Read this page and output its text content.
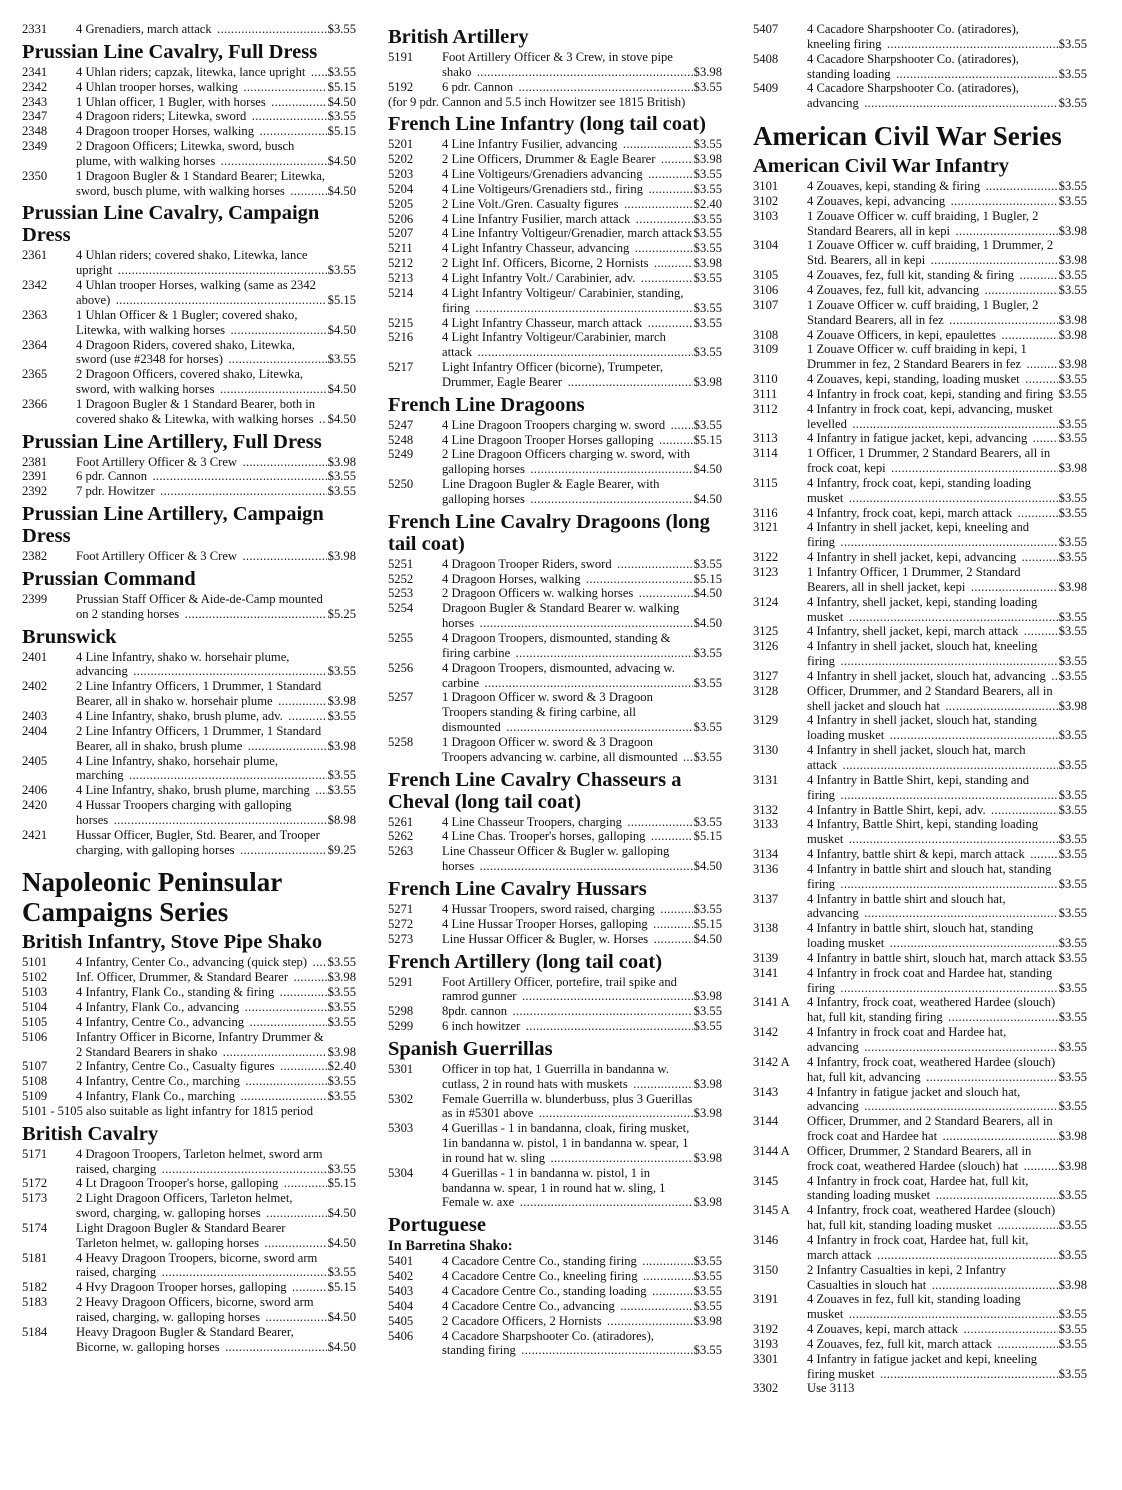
2331	4 Grenadiers, march attack .....	$3.55
Prussian Line Cavalry, Full Dress
2341	4 Uhlan riders; capzak, litewka, lance upright .....	$3.55
2342	4 Uhlan trooper horses, walking .....	$5.15
2343	1 Uhlan officer, 1 Bugler, with horses .....	$4.50
2347	4 Dragoon riders; Litewka, sword .....	$3.55
2348	4 Dragoon trooper Horses, walking .....	$5.15
2349	2 Dragoon Officers; Litewka, sword, busch plume, with walking horses .....	$4.50
2350	1 Dragoon Bugler & 1 Standard Bearer; Litewka, sword, busch plume, with walking horses .....	$4.50
Prussian Line Cavalry, Campaign Dress
2361	4 Uhlan riders; covered shako, Litewka, lance upright .....	$3.55
2342	4 Uhlan trooper Horses, walking (same as 2342 above) .....	$5.15
2363	1 Uhlan Officer & 1 Bugler; covered shako, Litewka, with walking horses .....	$4.50
2364	4 Dragoon Riders, covered shako, Litewka, sword (use #2348 for horses) .....	$3.55
2365	2 Dragoon Officers, covered shako, Litewka, sword, with walking horses .....	$4.50
2366	1 Dragoon Bugler & 1 Standard Bearer, both in covered shako & Litewka, with walking horses .....	$4.50
Prussian Line Artillery, Full Dress
2381	Foot Artillery Officer & 3 Crew .....	$3.98
2391	6 pdr. Cannon .....	$3.55
2392	7 pdr. Howitzer .....	$3.55
Prussian Line Artillery, Campaign Dress
2382	Foot Artillery Officer & 3 Crew .....	$3.98
Prussian Command
2399	Prussian Staff Officer & Aide-de-Camp mounted on 2 standing horses .....	$5.25
Brunswick
2401	4 Line Infantry, shako w. horsehair plume, advancing .....	$3.55
2402	2 Line Infantry Officers, 1 Drummer, 1 Standard Bearer, all in shako w. horsehair plume .....	$3.98
2403	4 Line Infantry, shako, brush plume, adv. .....	$3.55
2404	2 Line Infantry Officers, 1 Drummer, 1 Standard Bearer, all in shako, brush plume .....	$3.98
2405	4 Line Infantry, shako, horsehair plume, marching .....	$3.55
2406	4 Line Infantry, shako, brush plume, marching .....	$3.55
2420	4 Hussar Troopers charging with galloping horses .....	$8.98
2421	Hussar Officer, Bugler, Std. Bearer, and Trooper charging, with galloping horses .....	$9.25
Napoleonic Peninsular Campaigns Series
British Infantry, Stove Pipe Shako
5101	4 Infantry, Center Co., advancing (quick step) .....	$3.55
5102	Inf. Officer, Drummer, & Standard Bearer .....	$3.98
5103	4 Infantry, Flank Co., standing & firing .....	$3.55
5104	4 Infantry, Flank Co., advancing .....	$3.55
5105	4 Infantry, Centre Co., advancing .....	$3.55
5106	Infantry Officer in Bicorne, Infantry Drummer & 2 Standard Bearers in shako .....	$3.98
5107	2 Infantry, Centre Co., Casualty figures .....	$2.40
5108	4 Infantry, Centre Co., marching .....	$3.55
5109	4 Infantry, Flank Co., marching .....	$3.55
5101 - 5105 also suitable as light infantry for 1815 period
British Cavalry
5171	4 Dragoon Troopers, Tarleton helmet, sword arm raised, charging .....	$3.55
5172	4 Lt Dragoon Trooper's horse, galloping .....	$5.15
5173	2 Light Dragoon Officers, Tarleton helmet, sword, charging, w. galloping horses .....	$4.50
5174	Light Dragoon Bugler & Standard Bearer Tarleton helmet, w. galloping horses .....	$4.50
5181	4 Heavy Dragoon Troopers, bicorne, sword arm raised, charging .....	$3.55
5182	4 Hvy Dragoon Trooper horses, galloping .....	$5.15
5183	2 Heavy Dragoon Officers, bicorne, sword arm raised, charging, w. galloping horses .....	$4.50
5184	Heavy Dragoon Bugler & Standard Bearer, Bicorne, w. galloping horses .....	$4.50
British Artillery
5191	Foot Artillery Officer & 3 Crew, in stove pipe shako .....	$3.98
5192	6 pdr. Cannon .....	$3.55
(for 9 pdr. Cannon and 5.5 inch Howitzer see 1815 British)
French Line Infantry (long tail coat)
5201	4 Line Infantry Fusilier, advancing .....	$3.55
5202	2 Line Officers, Drummer & Eagle Bearer .....	$3.98
5203	4 Line Voltigeurs/Grenadiers advancing .....	$3.55
5204	4 Line Voltigeurs/Grenadiers std., firing .....	$3.55
5205	2 Line Volt./Gren. Casualty figures .....	$2.40
5206	4 Line Infantry Fusilier, march attack .....	$3.55
5207	4 Line Infantry Voltigeur/Grenadier, march attack ..... $3.55
5211	4 Light Infantry Chasseur, advancing .....	$3.55
5212	2 Light Inf. Officers, Bicorne, 2 Hornists .....	$3.98
5213	4 Light Infantry Volt./ Carabinier, adv. .....	$3.55
5214	4 Light Infantry Voltigeur/ Carabinier, standing, firing .....	$3.55
5215	4 Light Infantry Chasseur, march attack .....	$3.55
5216	4 Light Infantry Voltigeur/Carabinier, march attack .....	$3.55
5217	Light Infantry Officer (bicorne), Trumpeter, Drummer, Eagle Bearer .....	$3.98
French Line Dragoons
5247	4 Line Dragoon Troopers charging w. sword .....	$3.55
5248	4 Line Dragoon Trooper Horses galloping .....	$5.15
5249	2 Line Dragoon Officers charging w. sword, with galloping horses .....	$4.50
5250	Line Dragoon Bugler & Eagle Bearer, with galloping horses .....	$4.50
French Line Cavalry Dragoons (long tail coat)
5251	4 Dragoon Trooper Riders, sword .....	$3.55
5252	4 Dragoon Horses, walking .....	$5.15
5253	2 Dragoon Officers w. walking horses .....	$4.50
5254	Dragoon Bugler & Standard Bearer w. walking horses .....	$4.50
5255	4 Dragoon Troopers, dismounted, standing & firing carbine .....	$3.55
5256	4 Dragoon Troopers, dismounted, advacing w. carbine .....	$3.55
5257	1 Dragoon Officer w. sword & 3 Dragoon Troopers standing & firing carbine, all dismounted .....	$3.55
5258	1 Dragoon Officer w. sword & 3 Dragoon Troopers advancing w. carbine, all dismounted .....	$3.55
French Line Cavalry Chasseurs a Cheval (long tail coat)
5261	4 Line Chasseur Troopers, charging .....	$3.55
5262	4 Line Chas. Trooper's horses, galloping .....	$5.15
5263	Line Chasseur Officer & Bugler w. galloping horses .....	$4.50
French Line Cavalry Hussars
5271	4 Hussar Troopers, sword raised, charging .....	$3.55
5272	4 Line Hussar Trooper Horses, galloping .....	$5.15
5273	Line Hussar Officer & Bugler, w. Horses .....	$4.50
French Artillery (long tail coat)
5291	Foot Artillery Officer, portefire, trail spike and ramrod gunner .....	$3.98
5298	8pdr. cannon .....	$3.55
5299	6 inch howitzer .....	$3.55
Spanish Guerrillas
5301	Officer in top hat, 1 Guerrilla in bandanna w. cutlass, 2 in round hats with muskets .....	$3.98
5302	Female Guerrilla w. blunderbuss, plus 3 Guerillas as in #5301 above .....	$3.98
5303	4 Guerillas - 1 in bandanna, cloak, firing musket, 1in bandanna w. pistol, 1 in bandanna w. spear, 1 in round hat w. sling .....	$3.98
5304	4 Guerillas - 1 in bandanna w. pistol, 1 in bandanna w. spear, 1 in round hat w. sling, 1 Female w. axe .....	$3.98
Portuguese
In Barretina Shako:
5401	4 Cacadore Centre Co., standing firing .....	$3.55
5402	4 Cacadore Centre Co., kneeling firing .....	$3.55
5403	4 Cacadore Centre Co., standing loading .....	$3.55
5404	4 Cacadore Centre Co., advancing .....	$3.55
5405	2 Cacadore Officers, 2 Hornists .....	$3.98
5406	4 Cacadore Sharpshooter Co. (atiradores), standing firing .....	$3.55
5407	4 Cacadore Sharpshooter Co. (atiradores), kneeling firing .....	$3.55
5408	4 Cacadore Sharpshooter Co. (atiradores), standing loading .....	$3.55
5409	4 Cacadore Sharpshooter Co. (atiradores), advancing .....	$3.55
American Civil War Series
American Civil War Infantry
3101	4 Zouaves, kepi, standing & firing .....	$3.55
3102	4 Zouaves, kepi, advancing .....	$3.55
3103	1 Zouave Officer w. cuff braiding, 1 Bugler, 2 Standard Bearers, all in kepi .....	$3.98
3104	1 Zouave Officer w. cuff braiding, 1 Drummer, 2 Std. Bearers, all in kepi .....	$3.98
3105	4 Zouaves, fez, full kit, standing & firing .....	$3.55
3106	4 Zouaves, fez, full kit, advancing .....	$3.55
3107	1 Zouave Officer w. cuff braiding, 1 Bugler, 2 Standard Bearers, all in fez .....	$3.98
3108	4 Zouave Officers, in kepi, epaulettes .....	$3.98
3109	1 Zouave Officer w. cuff braiding in kepi, 1 Drummer in fez, 2 Standard Bearers in fez .....	$3.98
3110	4 Zouaves, kepi, standing, loading musket .....	$3.55
3111	4 Infantry in frock coat, kepi, standing and firing ..... $3.55
3112	4 Infantry in frock coat, kepi, advancing, musket levelled .....	$3.55
3113	4 Infantry in fatigue jacket, kepi, advancing .....	$3.55
3114	1 Officer, 1 Drummer, 2 Standard Bearers, all in frock coat, kepi .....	$3.98
3115	4 Infantry, frock coat, kepi, standing loading musket .....	$3.55
3116	4 Infantry, frock coat, kepi, march attack .....	$3.55
3121	4 Infantry in shell jacket, kepi, kneeling and firing .....	$3.55
3122	4 Infantry in shell jacket, kepi, advancing .....	$3.55
3123	1 Infantry Officer, 1 Drummer, 2 Standard Bearers, all in shell jacket, kepi .....	$3.98
3124	4 Infantry, shell jacket, kepi, standing loading musket .....	$3.55
3125	4 Infantry, shell jacket, kepi, march attack .....	$3.55
3126	4 Infantry in shell jacket, slouch hat, kneeling firing .....	$3.55
3127	4 Infantry in shell jacket, slouch hat, advancing .....	$3.55
3128	Officer, Drummer, and 2 Standard Bearers, all in shell jacket and slouch hat .....	$3.98
3129	4 Infantry in shell jacket, slouch hat, standing loading musket .....	$3.55
3130	4 Infantry in shell jacket, slouch hat, march attack .....	$3.55
3131	4 Infantry in Battle Shirt, kepi, standing and firing .....	$3.55
3132	4 Infantry in Battle Shirt, kepi, adv. .....	$3.55
3133	4 Infantry, Battle Shirt, kepi, standing loading musket .....	$3.55
3134	4 Infantry, battle shirt & kepi, march attack .....	$3.55
3136	4 Infantry in battle shirt and slouch hat, standing firing .....	$3.55
3137	4 Infantry in battle shirt and slouch hat, advancing .....	$3.55
3138	4 Infantry in battle shirt, slouch hat, standing loading musket .....	$3.55
3139	4 Infantry in battle shirt, slouch hat, march attack ..... $3.55
3141	4 Infantry in frock coat and Hardee hat, standing firing .....	$3.55
3141 A	4 Infantry, frock coat, weathered Hardee (slouch) hat, full kit, standing firing .....	$3.55
3142	4 Infantry in frock coat and Hardee hat, advancing .....	$3.55
3142 A	4 Infantry, frock coat, weathered Hardee (slouch) hat, full kit, advancing .....	$3.55
3143	4 Infantry in fatigue jacket and slouch hat, advancing .....	$3.55
3144	Officer, Drummer, and 2 Standard Bearers, all in frock coat and Hardee hat .....	$3.98
3144 A	Officer, Drummer, 2 Standard Bearers, all in frock coat, weathered Hardee (slouch) hat .....	$3.98
3145	4 Infantry in frock coat, Hardee hat, full kit, standing loading musket .....	$3.55
3145 A	4 Infantry, frock coat, weathered Hardee (slouch) hat, full kit, standing loading musket .....	$3.55
3146	4 Infantry in frock coat, Hardee hat, full kit, march attack .....	$3.55
3150	2 Infantry Casualties in kepi, 2 Infantry Casualties in slouch hat .....	$3.98
3191	4 Zouaves in fez, full kit, standing loading musket .....	$3.55
3192	4 Zouaves, kepi, march attack .....	$3.55
3193	4 Zouaves, fez, full kit, march attack .....	$3.55
3301	4 Infantry in fatigue jacket and kepi, kneeling firing musket .....	$3.55
3302	Use 3113
